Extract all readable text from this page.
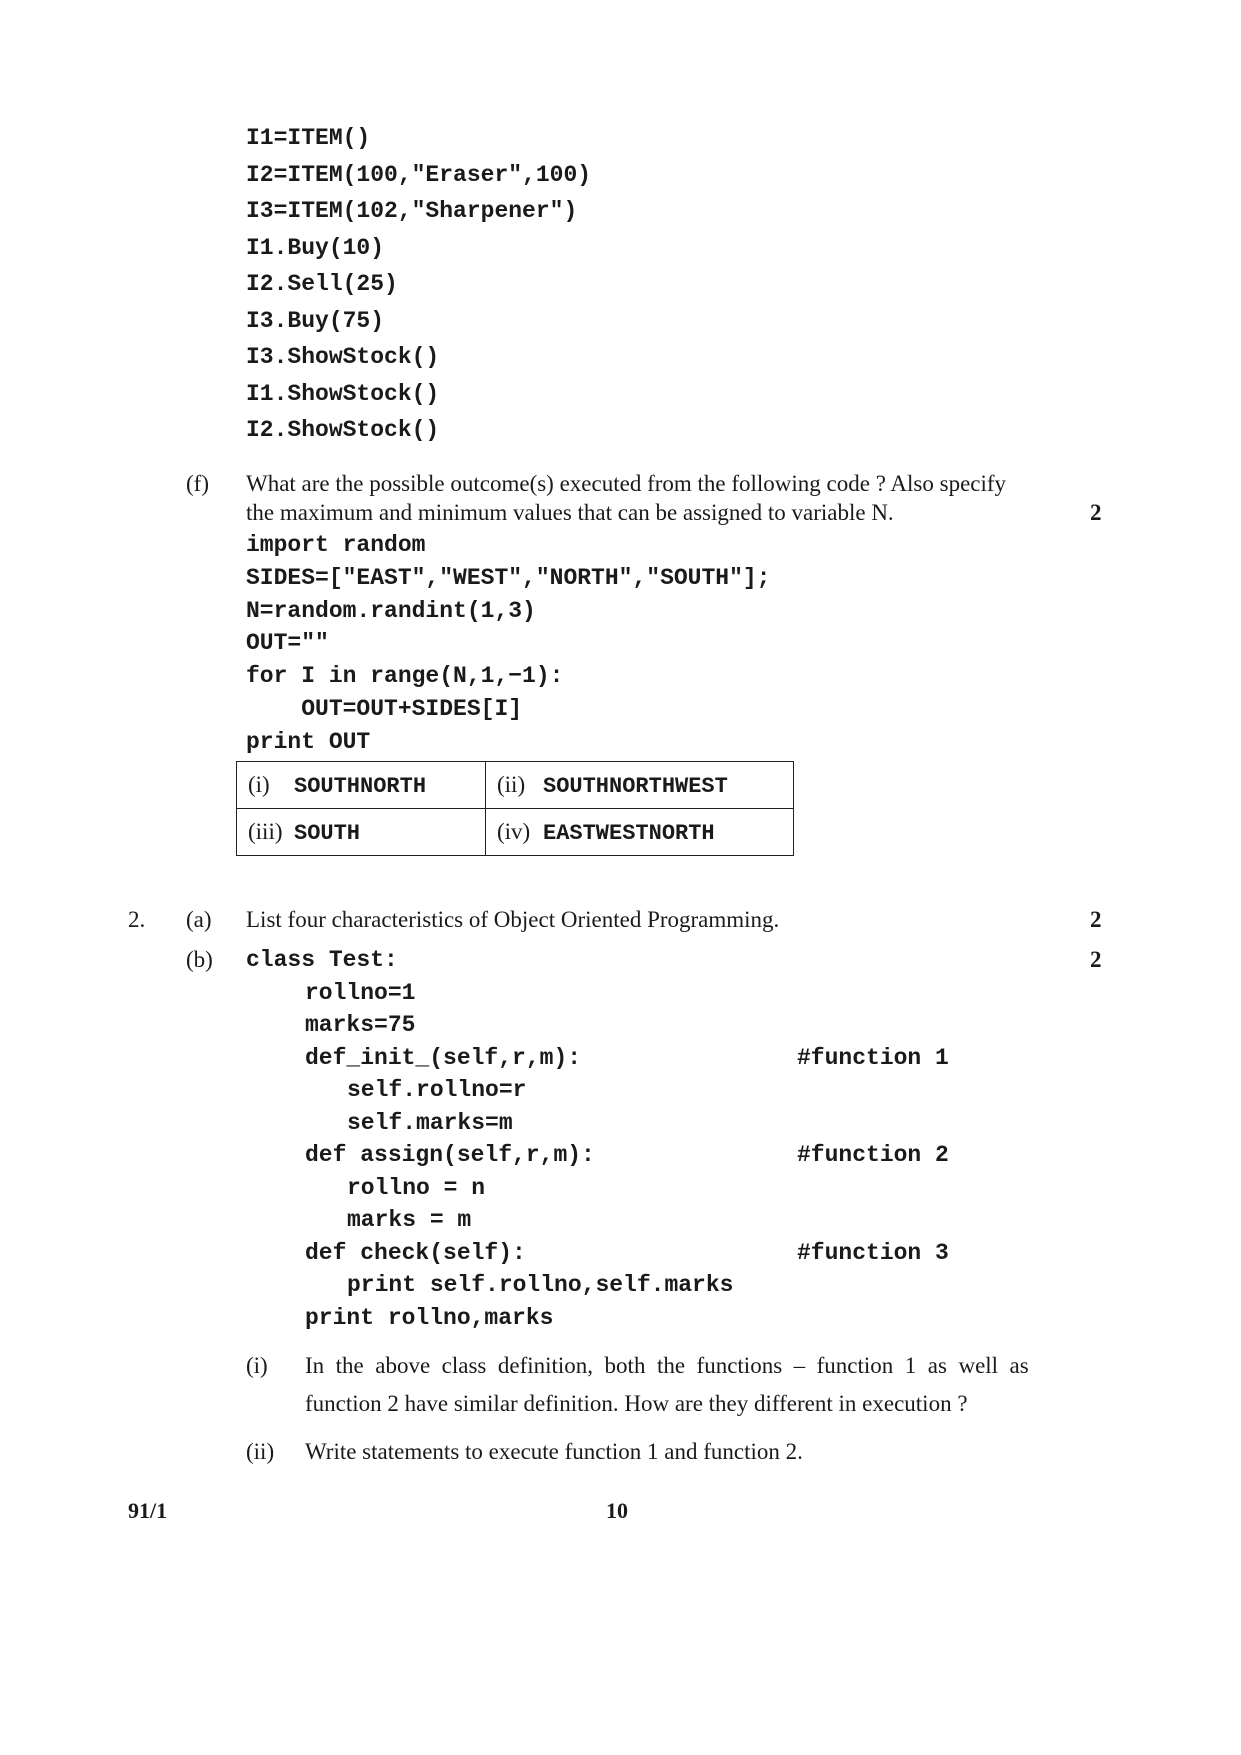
I1=ITEM()
I2=ITEM(100,"Eraser",100)
I3=ITEM(102,"Sharpener")
I1.Buy(10)
I2.Sell(25)
I3.Buy(75)
I3.ShowStock()
I1.ShowStock()
I2.ShowStock()
(f) What are the possible outcome(s) executed from the following code ? Also specify
the maximum and minimum values that can be assigned to variable N.	2
import random
SIDES=["EAST","WEST","NORTH","SOUTH"];
N=random.randint(1,3)
OUT=""
for I in range(N,1,−1):
OUT=OUT+SIDES[I]
print OUT
(i) SOUTHNORTH	(ii) SOUTHNORTHWEST
(iii) SOUTH	(iv) EASTWESTNORTH
2. (a) List four characteristics of Object Oriented Programming.	2
(b)	2
class Test:
rollno=1
marks=75
def_init_(self,r,m):	#function 1
self.rollno=r
self.marks=m
def assign(self,r,m):	#function 2
rollno = n
marks = m
def check(self):	#function 3
print self.rollno,self.marks
print rollno,marks
(i) In  the  above  class  definition,  both  the  functions  –  function  1  as  well  as
function 2 have similar definition. How are they different in execution ?
(ii) Write statements to execute function 1 and function 2.
91/1	10
